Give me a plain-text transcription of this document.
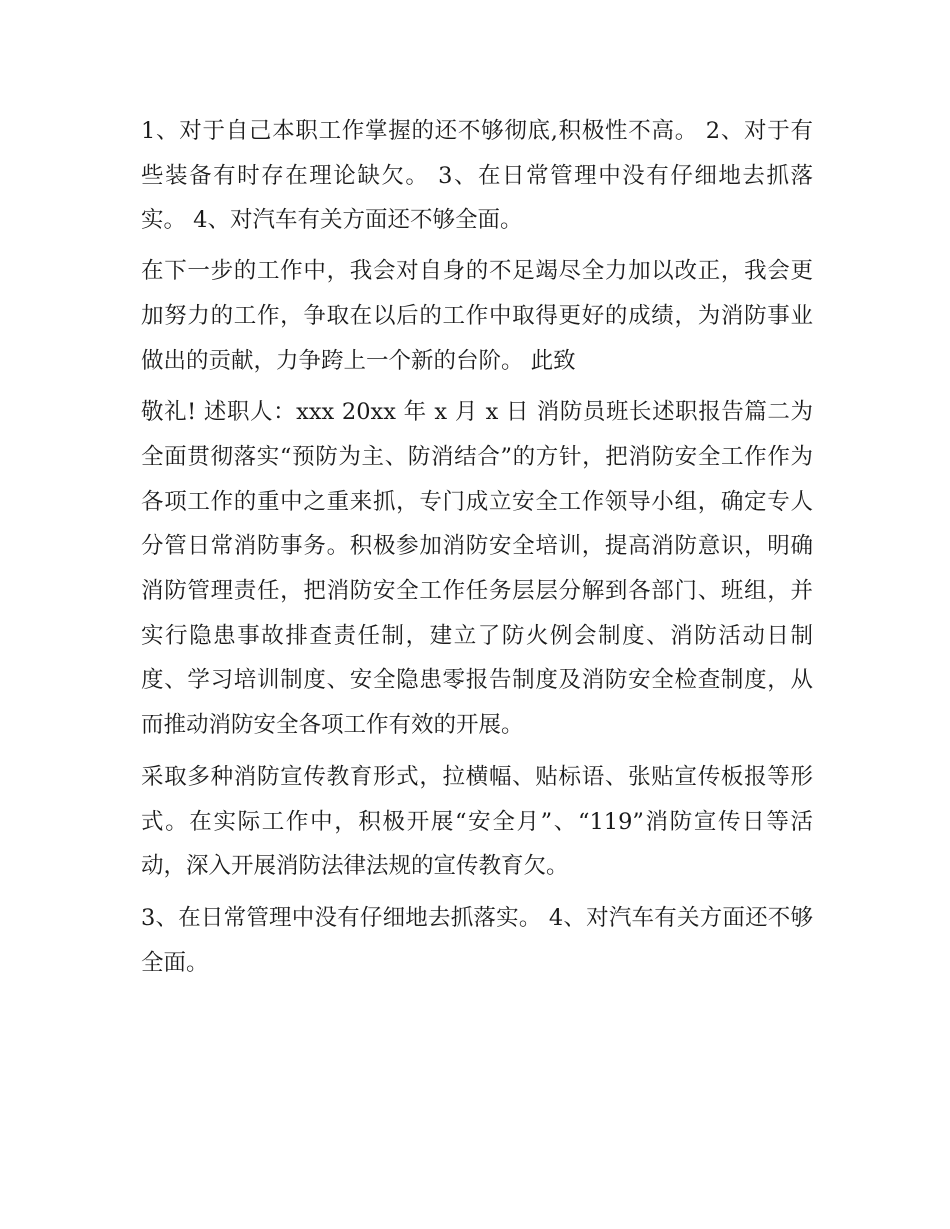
1、对于自己本职工作掌握的还不够彻底,积极性不高。 2、对于有些装备有时存在理论缺欠。 3、在日常管理中没有仔细地去抓落实。 4、对汽车有关方面还不够全面。

在下一步的工作中，我会对自身的不足竭尽全力加以改正，我会更加努力的工作，争取在以后的工作中取得更好的成绩，为消防事业做出的贡献，力争跨上一个新的台阶。 此致

敬礼! 述职人：xxx 20xx 年 x 月 x 日 消防员班长述职报告篇二为全面贯彻落实“预防为主、防消结合”的方针，把消防安全工作作为各项工作的重中之重来抓，专门成立安全工作领导小组，确定专人分管日常消防事务。积极参加消防安全培训，提高消防意识，明确消防管理责任，把消防安全工作任务层层分解到各部门、班组，并实行隐患事故排查责任制，建立了防火例会制度、消防活动日制度、学习培训制度、安全隐患零报告制度及消防安全检查制度，从而推动消防安全各项工作有效的开展。

采取多种消防宣传教育形式，拉横幅、贴标语、张贴宣传板报等形式。在实际工作中，积极开展“安全月”、“119”消防宣传日等活动，深入开展消防法律法规的宣传教育欠。

3、在日常管理中没有仔细地去抓落实。 4、对汽车有关方面还不够全面。
